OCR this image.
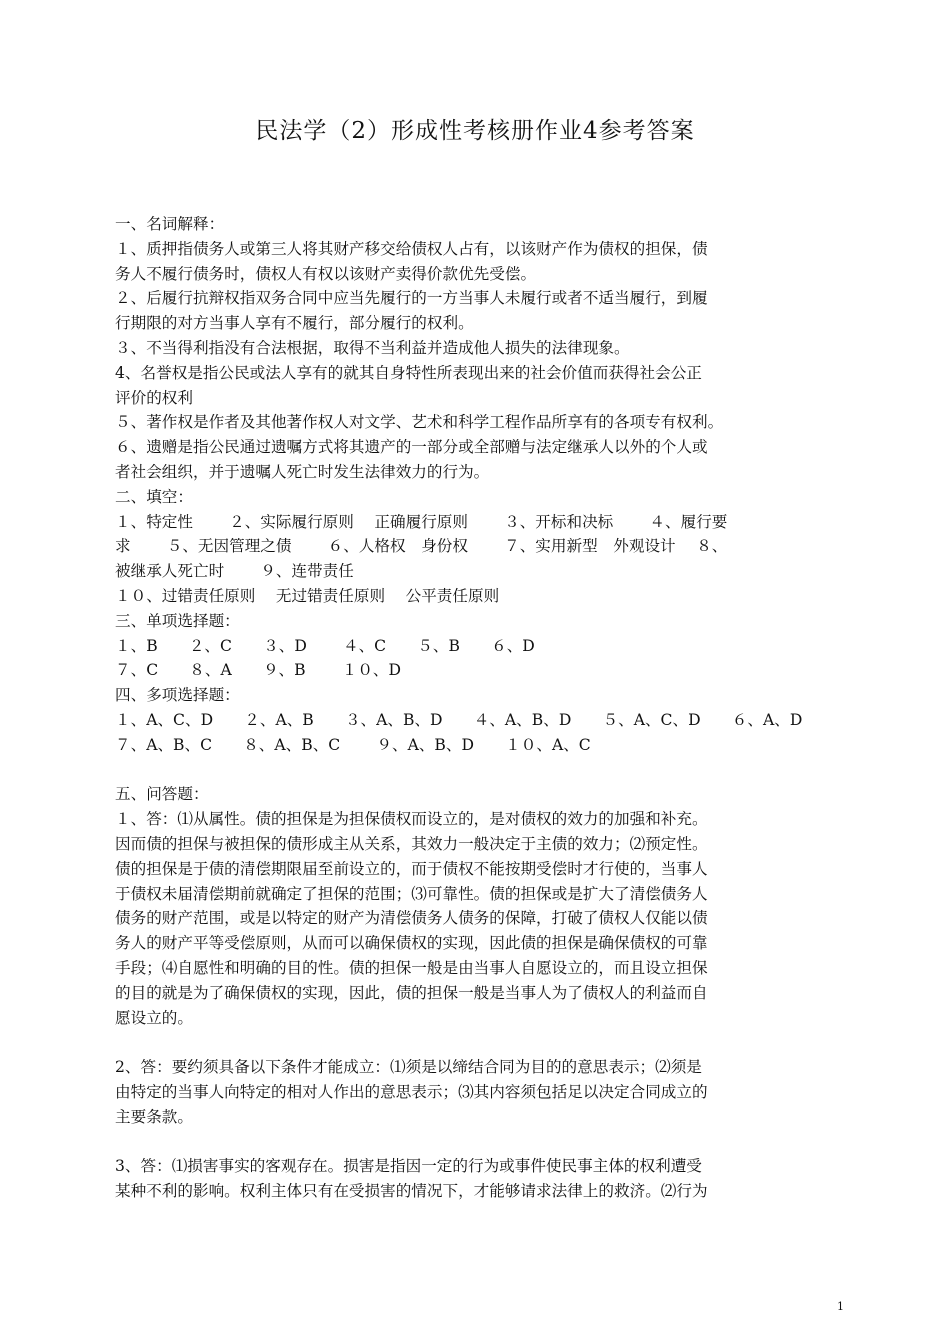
民法学（2）形成性考核册作业4参考答案
一、名词解释：
１、质押指债务人或第三人将其财产移交给债权人占有，以该财产作为债权的担保，债
务人不履行债务时，债权人有权以该财产卖得价款优先受偿。
２、后履行抗辩权指双务合同中应当先履行的一方当事人未履行或者不适当履行，到履
行期限的对方当事人享有不履行，部分履行的权利。
３、不当得利指没有合法根据，取得不当利益并造成他人损失的法律现象。
4、名誉权是指公民或法人享有的就其自身特性所表现出来的社会价值而获得社会公正
评价的权利
５、著作权是作者及其他著作权人对文学、艺术和科学工程作品所享有的各项专有权利。
６、遗赠是指公民通过遗嘱方式将其遗产的一部分或全部赠与法定继承人以外的个人或
者社会组织，并于遗嘱人死亡时发生法律效力的行为。
二、填空：
１、特定性　　 ２、实际履行原则　 正确履行原则　　 ３、开标和决标　　 ４、履行要
求　　 ５、无因管理之债　　 ６、人格权　身份权　　 ７、实用新型　外观设计　 ８、
被继承人死亡时　　 ９、连带责任
１０、过错责任原则　 无过错责任原则　 公平责任原则
三、单项选择题：
１、B　　２、C　　３、D　　 ４、C　　５、B　　６、D
７、C　　８、A　　９、B　　 １０、D
四、多项选择题：
１、A、C、D　　２、A、B　　３、A、B、D　　４、A、B、D　　５、A、C、D　　６、A、D
７、A、B、C　　８、A、B、C　　 ９、A、B、D　　１０、A、C
五、问答题：
１、答：⑴从属性。债的担保是为担保债权而设立的，是对债权的效力的加强和补充。
因而债的担保与被担保的债形成主从关系，其效力一般决定于主债的效力；⑵预定性。
债的担保是于债的清偿期限届至前设立的，而于债权不能按期受偿时才行使的，当事人
于债权未届清偿期前就确定了担保的范围；⑶可靠性。债的担保或是扩大了清偿债务人
债务的财产范围，或是以特定的财产为清偿债务人债务的保障，打破了债权人仅能以债
务人的财产平等受偿原则，从而可以确保债权的实现，因此债的担保是确保债权的可靠
手段；⑷自愿性和明确的目的性。债的担保一般是由当事人自愿设立的，而且设立担保
的目的就是为了确保债权的实现，因此，债的担保一般是当事人为了债权人的利益而自
愿设立的。
2、答：要约须具备以下条件才能成立：⑴须是以缔结合同为目的的意思表示；⑵须是
由特定的当事人向特定的相对人作出的意思表示；⑶其内容须包括足以决定合同成立的
主要条款。
3、答：⑴损害事实的客观存在。损害是指因一定的行为或事件使民事主体的权利遭受
某种不利的影响。权利主体只有在受损害的情况下，才能够请求法律上的救济。⑵行为
1
